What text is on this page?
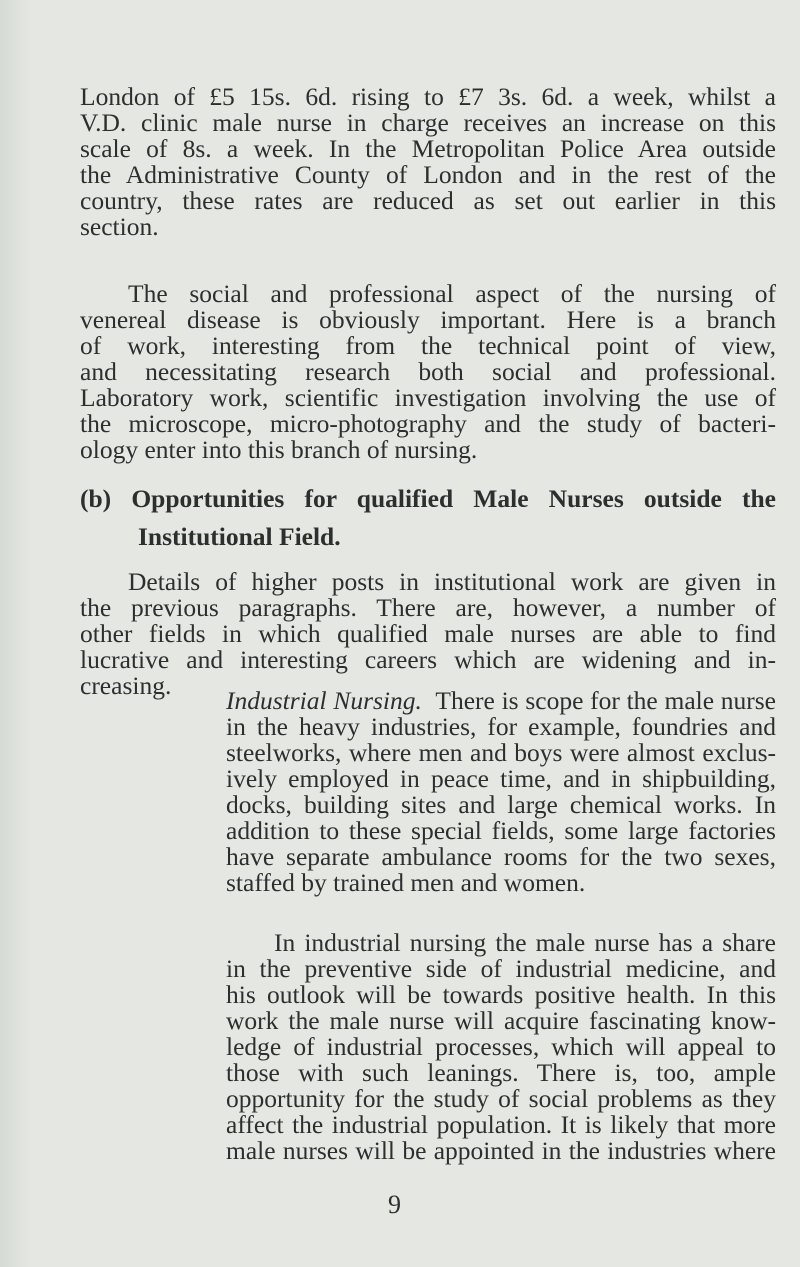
London of £5 15s. 6d. rising to £7 3s. 6d. a week, whilst a
V.D. clinic male nurse in charge receives an increase on this
scale of 8s. a week. In the Metropolitan Police Area outside
the Administrative County of London and in the rest of the
country, these rates are reduced as set out earlier in this
section.
The social and professional aspect of the nursing of
venereal disease is obviously important. Here is a branch
of work, interesting from the technical point of view,
and necessitating research both social and professional.
Laboratory work, scientific investigation involving the use of
the microscope, micro-photography and the study of bacteri-
ology enter into this branch of nursing.
(b) Opportunities for qualified Male Nurses outside the
Institutional Field.
Details of higher posts in institutional work are given in
the previous paragraphs. There are, however, a number of
other fields in which qualified male nurses are able to find
lucrative and interesting careers which are widening and in-
creasing.
Industrial Nursing. There is scope for the male nurse
in the heavy industries, for example, foundries and
steelworks, where men and boys were almost exclus-
ively employed in peace time, and in shipbuilding,
docks, building sites and large chemical works. In
addition to these special fields, some large factories
have separate ambulance rooms for the two sexes,
staffed by trained men and women.
In industrial nursing the male nurse has a share
in the preventive side of industrial medicine, and
his outlook will be towards positive health. In this
work the male nurse will acquire fascinating know-
ledge of industrial processes, which will appeal to
those with such leanings. There is, too, ample
opportunity for the study of social problems as they
affect the industrial population. It is likely that more
male nurses will be appointed in the industries where
9
